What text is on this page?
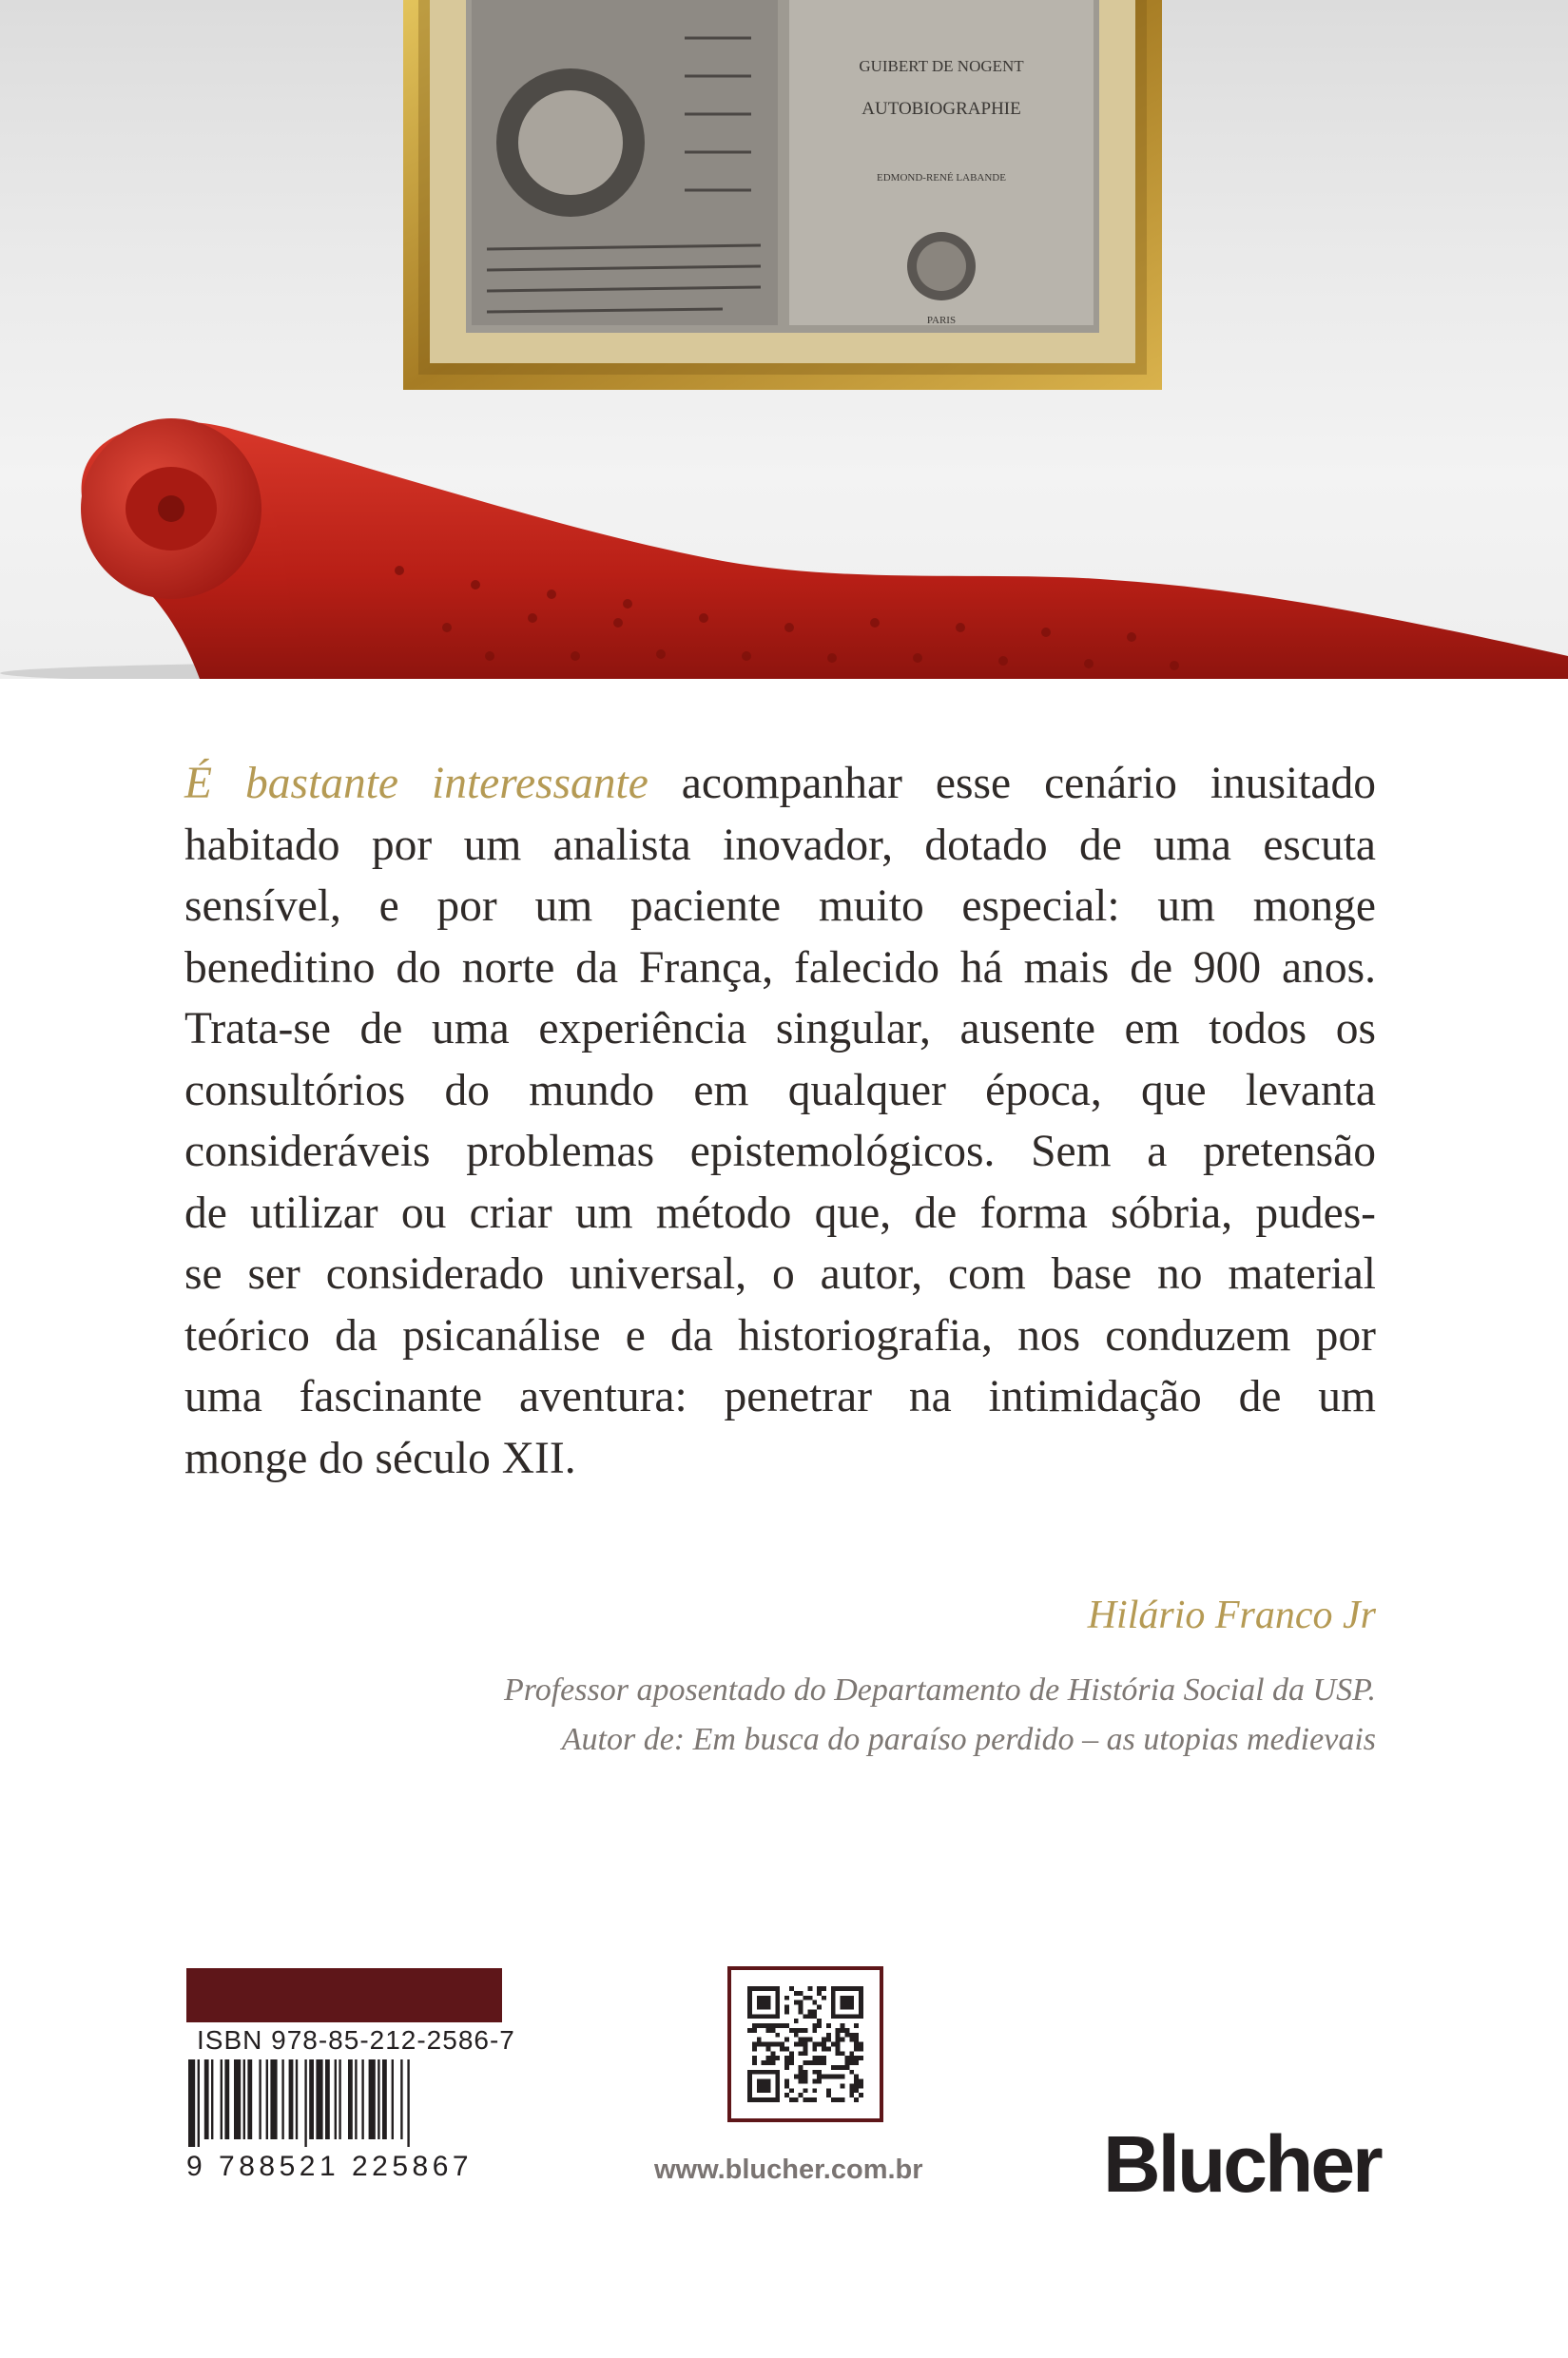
GUIBERT DE NOGENT
AUTOBIOGRAPHIE
EDMOND-RENÉ LABANDE
PARIS
É bastante interessante acompanhar esse cenário inusitado
habitado por um analista inovador, dotado de uma escuta
sensível, e por um paciente muito especial: um monge
beneditino do norte da França, falecido há mais de 900 anos.
Trata-se de uma experiência singular, ausente em todos os
consultórios do mundo em qualquer época, que levanta
consideráveis problemas epistemológicos. Sem a pretensão
de utilizar ou criar um método que, de forma sóbria, pudes-
se ser considerado universal, o autor, com base no material
teórico da psicanálise e da historiografia, nos conduzem por
uma fascinante aventura: penetrar na intimidação de um
monge do século XII.
Hilário Franco Jr
Professor aposentado do Departamento de História Social da USP.
Autor de: Em busca do paraíso perdido – as utopias medievais
ISBN 978-85-212-2586-7
9 788521 225867	www.blucher.com.br Blucher
